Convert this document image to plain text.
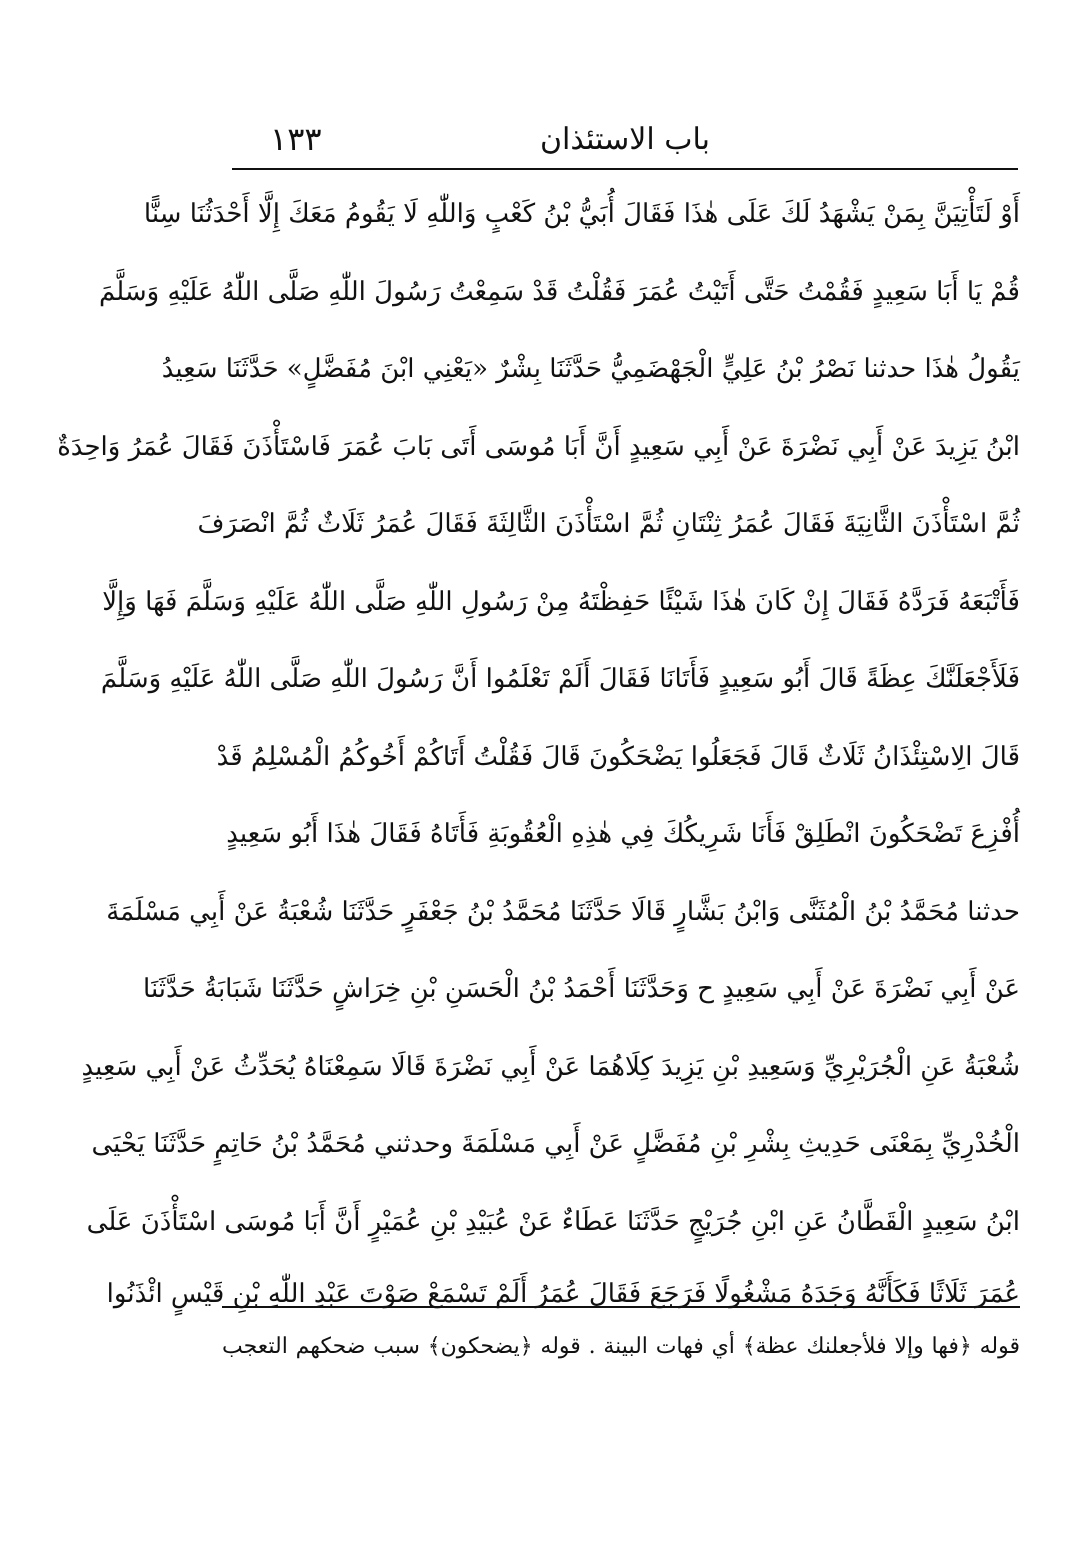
باب الاستئذان
١٣٣
أَوْ لَتَأْتِيَنَّ بِمَنْ يَشْهَدُ لَكَ عَلَى هٰذَا فَقَالَ أُبَيُّ بْنُ كَعْبٍ وَاللّٰهِ لَا يَقُومُ مَعَكَ إِلَّا أَحْدَثُنَا سِنًّا
قُمْ يَا أَبَا سَعِيدٍ فَقُمْتُ حَتَّى أَتَيْتُ عُمَرَ فَقُلْتُ قَدْ سَمِعْتُ رَسُولَ اللّٰهِ صَلَّى اللّٰهُ عَلَيْهِ وَسَلَّمَ
يَقُولُ هٰذَا حدثنا نَصْرُ بْنُ عَلِيٍّ الْجَهْضَمِيُّ حَدَّثَنَا بِشْرٌ «يَعْنِي ابْنَ مُفَضَّلٍ» حَدَّثَنَا سَعِيدُ
ابْنُ يَزِيدَ عَنْ أَبِي نَضْرَةَ عَنْ أَبِي سَعِيدٍ أَنَّ أَبَا مُوسَى أَتَى بَابَ عُمَرَ فَاسْتَأْذَنَ فَقَالَ عُمَرُ وَاحِدَةٌ
ثُمَّ اسْتَأْذَنَ الثَّانِيَةَ فَقَالَ عُمَرُ ثِنْتَانِ ثُمَّ اسْتَأْذَنَ الثَّالِثَةَ فَقَالَ عُمَرُ ثَلَاثٌ ثُمَّ انْصَرَفَ
فَأَتْبَعَهُ فَرَدَّهُ فَقَالَ إِنْ كَانَ هٰذَا شَيْئًا حَفِظْتَهُ مِنْ رَسُولِ اللّٰهِ صَلَّى اللّٰهُ عَلَيْهِ وَسَلَّمَ فَهَا وَإِلَّا
فَلَأَجْعَلَنَّكَ عِظَةً قَالَ أَبُو سَعِيدٍ فَأَتَانَا فَقَالَ أَلَمْ تَعْلَمُوا أَنَّ رَسُولَ اللّٰهِ صَلَّى اللّٰهُ عَلَيْهِ وَسَلَّمَ
قَالَ الِاسْتِئْذَانُ ثَلَاثٌ قَالَ فَجَعَلُوا يَضْحَكُونَ قَالَ فَقُلْتُ أَتَاكُمْ أَخُوكُمُ الْمُسْلِمُ قَدْ
أُفْزِعَ تَضْحَكُونَ انْطَلِقْ فَأَنَا شَرِيكُكَ فِي هٰذِهِ الْعُقُوبَةِ فَأَتَاهُ فَقَالَ هٰذَا أَبُو سَعِيدٍ
حدثنا مُحَمَّدُ بْنُ الْمُثَنَّى وَابْنُ بَشَّارٍ قَالَا حَدَّثَنَا مُحَمَّدُ بْنُ جَعْفَرٍ حَدَّثَنَا شُعْبَةُ عَنْ أَبِي مَسْلَمَةَ
عَنْ أَبِي نَضْرَةَ عَنْ أَبِي سَعِيدٍ ح وَحَدَّثَنَا أَحْمَدُ بْنُ الْحَسَنِ بْنِ خِرَاشٍ حَدَّثَنَا شَبَابَةُ حَدَّثَنَا
شُعْبَةُ عَنِ الْجُرَيْرِيِّ وَسَعِيدِ بْنِ يَزِيدَ كِلَاهُمَا عَنْ أَبِي نَضْرَةَ قَالَا سَمِعْنَاهُ يُحَدِّثُ عَنْ أَبِي سَعِيدٍ
الْخُدْرِيِّ بِمَعْنَى حَدِيثِ بِشْرِ بْنِ مُفَضَّلٍ عَنْ أَبِي مَسْلَمَةَ وحدثني مُحَمَّدُ بْنُ حَاتِمٍ حَدَّثَنَا يَحْيَى
ابْنُ سَعِيدٍ الْقَطَّانُ عَنِ ابْنِ جُرَيْجٍ حَدَّثَنَا عَطَاءٌ عَنْ عُبَيْدِ بْنِ عُمَيْرٍ أَنَّ أَبَا مُوسَى اسْتَأْذَنَ عَلَى
عُمَرَ ثَلَاثًا فَكَأَنَّهُ وَجَدَهُ مَشْغُولًا فَرَجَعَ فَقَالَ عُمَرُ أَلَمْ تَسْمَعْ صَوْتَ عَبْدِ اللّٰهِ بْنِ قَيْسٍ ائْذَنُوا
قوله ﴿فها وإلا فلأجعلنك عظة﴾ أي فهات البينة . قوله ﴿يضحكون﴾ سبب ضحكهم التعجب
